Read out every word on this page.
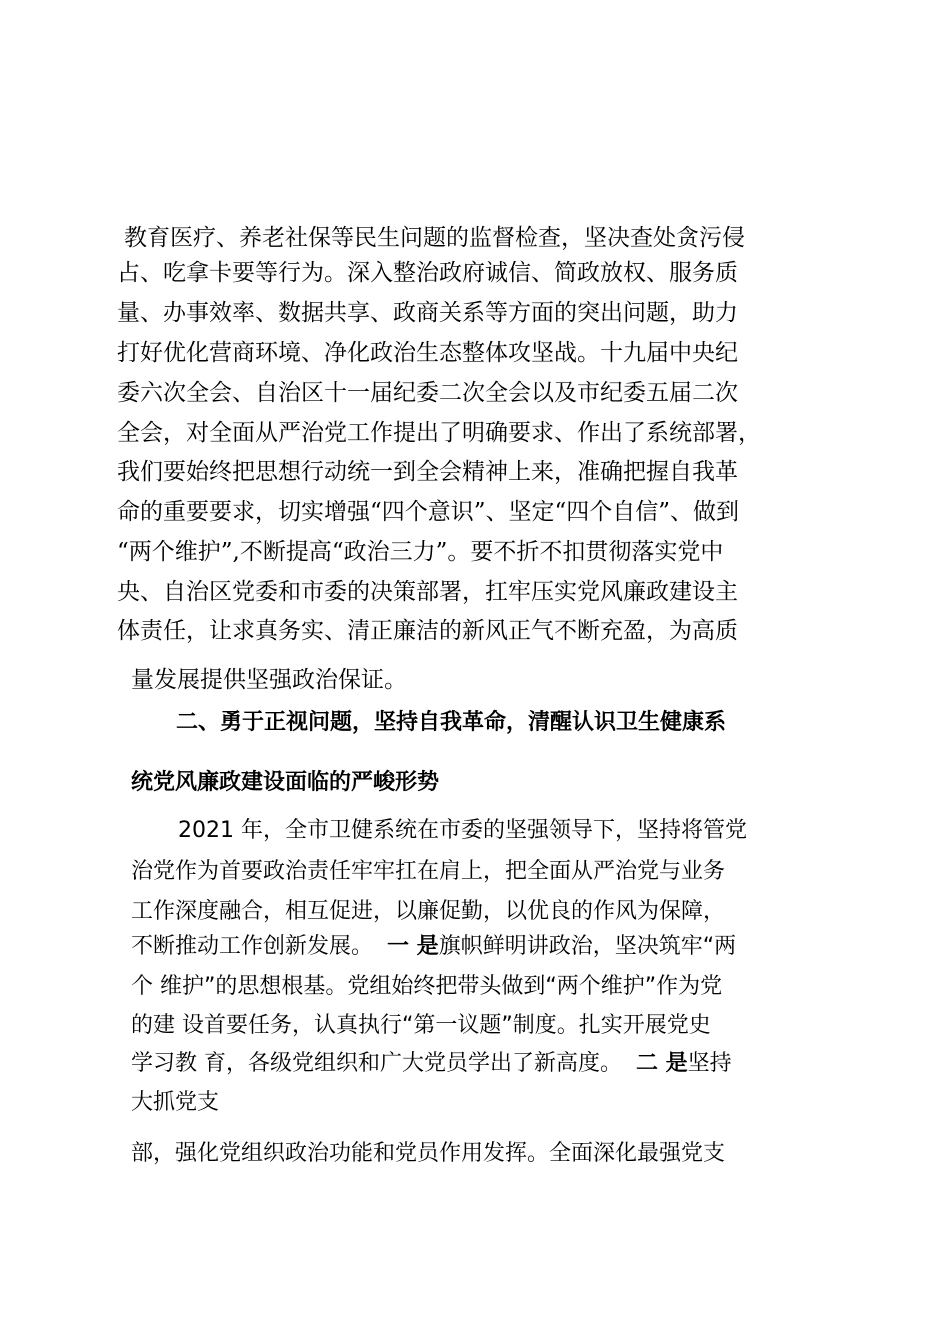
教育医疗、养老社保等民生问题的监督检查，坚决查处贪污侵

占、吃拿卡要等行为。深入整治政府诚信、简政放权、服务质

量、办事效率、数据共享、政商关系等方面的突出问题，助力

打好优化营商环境、净化政治生态整体攻坚战。十九届中央纪

委六次全会、自治区十一届纪委二次全会以及市纪委五届二次

全会，对全面从严治党工作提出了明确要求、作出了系统部署，

我们要始终把思想行动统一到全会精神上来，准确把握自我革

命的重要要求，切实增强“四个意识”、坚定“四个自信”、做到

“两个维护”,不断提高“政治三力”。要不折不扣贯彻落实党中

央、自治区党委和市委的决策部署，扛牢压实党风廉政建设主

体责任，让求真务实、清正廉洁的新风正气不断充盈，为高质

量发展提供坚强政治保证。

二、勇于正视问题，坚持自我革命，清醒认识卫生健康系

统党风廉政建设面临的严峻形势

2021 年，全市卫健系统在市委的坚强领导下，坚持将管党

治党作为首要政治责任牢牢扛在肩上，把全面从严治党与业务

工作深度融合，相互促进，以廉促勤，以优良的作风为保障，

不断推动工作创新发展。 一 是旗帜鲜明讲政治，坚决筑牢“两

个 维护”的思想根基。党组始终把带头做到“两个维护”作为党

的建 设首要任务，认真执行“第一议题”制度。扎实开展党史

学习教 育，各级党组织和广大党员学出了新高度。 二 是坚持

大抓党支

部，强化党组织政治功能和党员作用发挥。全面深化最强党支
